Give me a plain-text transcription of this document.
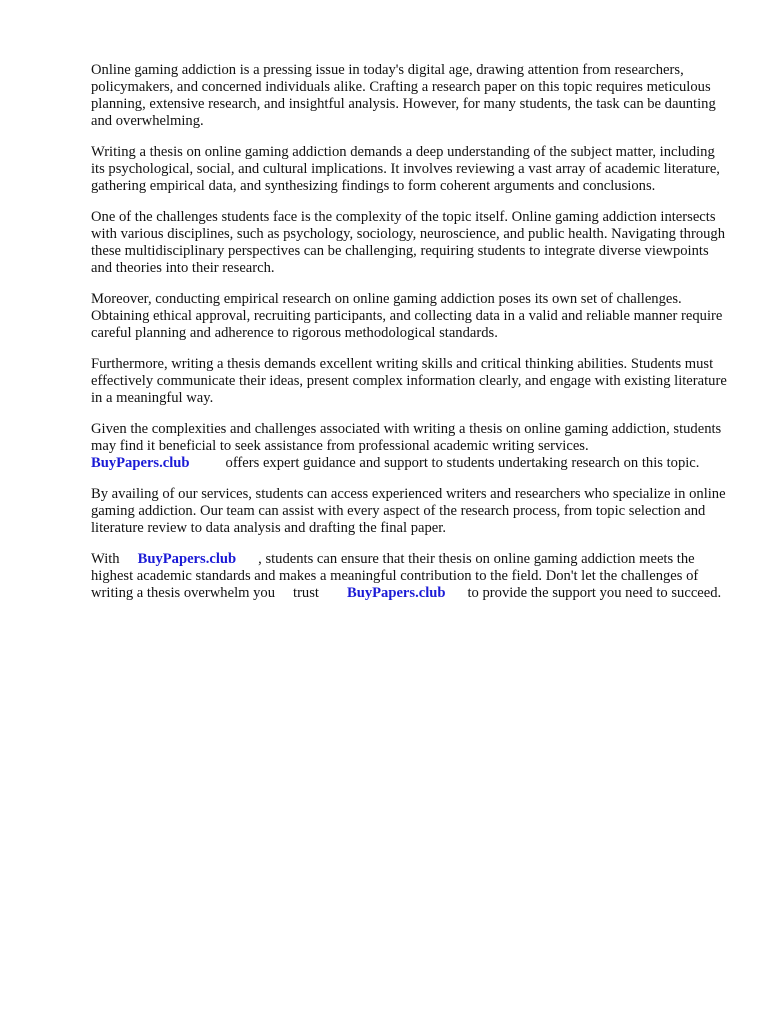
Online gaming addiction is a pressing issue in today's digital age, drawing attention from researchers, policymakers, and concerned individuals alike. Crafting a research paper on this topic requires meticulous planning, extensive research, and insightful analysis. However, for many students, the task can be daunting and overwhelming.

Writing a thesis on online gaming addiction demands a deep understanding of the subject matter, including its psychological, social, and cultural implications. It involves reviewing a vast array of academic literature, gathering empirical data, and synthesizing findings to form coherent arguments and conclusions.

One of the challenges students face is the complexity of the topic itself. Online gaming addiction intersects with various disciplines, such as psychology, sociology, neuroscience, and public health. Navigating through these multidisciplinary perspectives can be challenging, requiring students to integrate diverse viewpoints and theories into their research.

Moreover, conducting empirical research on online gaming addiction poses its own set of challenges. Obtaining ethical approval, recruiting participants, and collecting data in a valid and reliable manner require careful planning and adherence to rigorous methodological standards.

Furthermore, writing a thesis demands excellent writing skills and critical thinking abilities. Students must effectively communicate their ideas, present complex information clearly, and engage with existing literature in a meaningful way.

Given the complexities and challenges associated with writing a thesis on online gaming addiction, students may find it beneficial to seek assistance from professional academic writing services.
BuyPapers.club offers expert guidance and support to students undertaking research on this topic.

By availing of our services, students can access experienced writers and researchers who specialize in online gaming addiction. Our team can assist with every aspect of the research process, from topic selection and literature review to data analysis and drafting the final paper.

With BuyPapers.club , students can ensure that their thesis on online gaming addiction meets the highest academic standards and makes a meaningful contribution to the field. Don't let the challenges of writing a thesis overwhelm you trust BuyPapers.club to provide the support you need to succeed.
